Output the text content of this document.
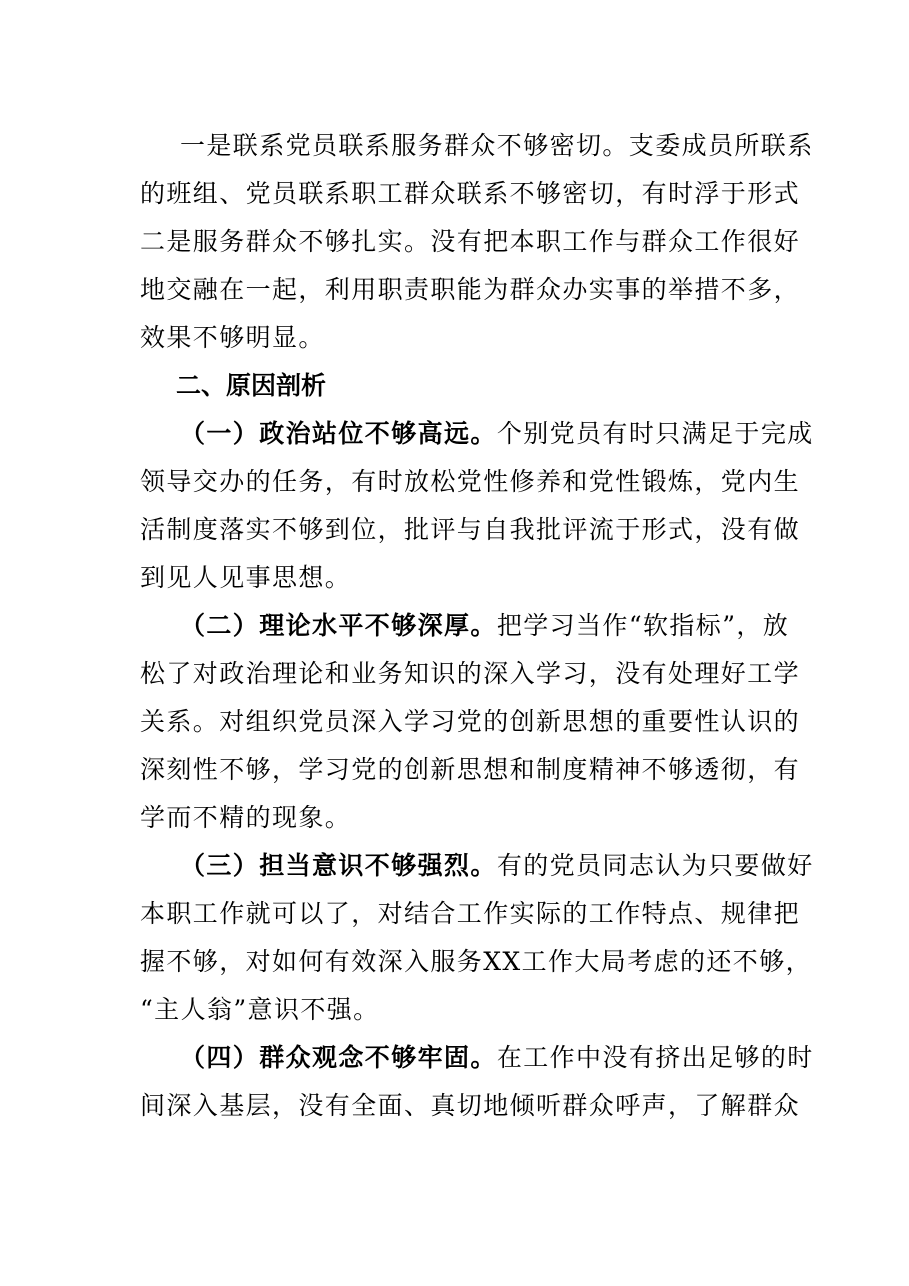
一是联系党员联系服务群众不够密切。支委成员所联系
的班组、党员联系职工群众联系不够密切，有时浮于形式
二是服务群众不够扎实。没有把本职工作与群众工作很好
地交融在一起，利用职责职能为群众办实事的举措不多，
效果不够明显。

二、原因剖析

（一）政治站位不够高远。个别党员有时只满足于完成
领导交办的任务，有时放松党性修养和党性锻炼，党内生
活制度落实不够到位，批评与自我批评流于形式，没有做
到见人见事思想。

（二）理论水平不够深厚。把学习当作“软指标”，放
松了对政治理论和业务知识的深入学习，没有处理好工学
关系。对组织党员深入学习党的创新思想的重要性认识的
深刻性不够，学习党的创新思想和制度精神不够透彻，有
学而不精的现象。

（三）担当意识不够强烈。有的党员同志认为只要做好
本职工作就可以了，对结合工作实际的工作特点、规律把
握不够，对如何有效深入服务XX工作大局考虑的还不够，
“主人翁”意识不强。

（四）群众观念不够牢固。在工作中没有挤出足够的时
间深入基层，没有全面、真切地倾听群众呼声，了解群众
